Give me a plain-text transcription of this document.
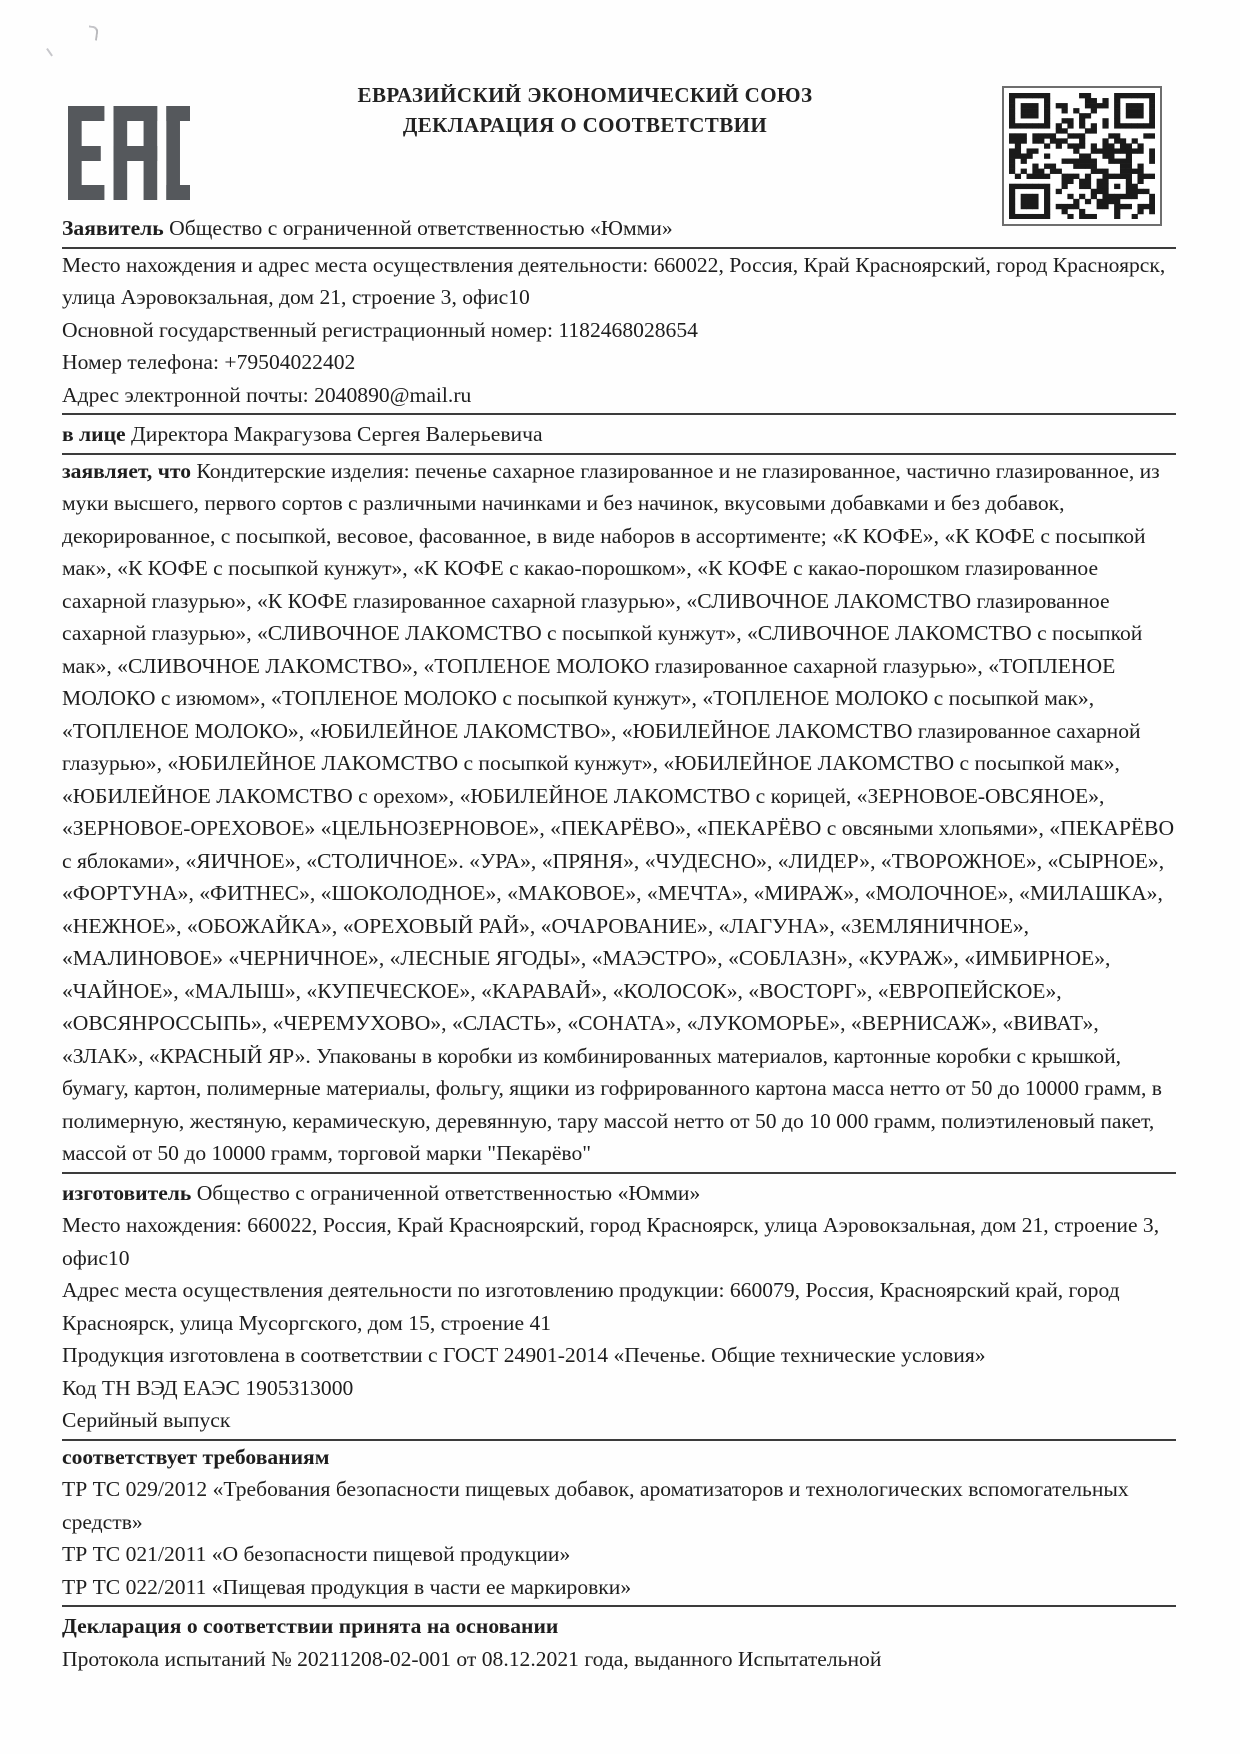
ЕВРАЗИЙСКИЙ ЭКОНОМИЧЕСКИЙ СОЮЗ
ДЕКЛАРАЦИЯ О СООТВЕТСТВИИ

Заявитель Общество с ограниченной ответственностью «Юмми»

Место нахождения и адрес места осуществления деятельности: 660022, Россия, Край Красноярский, город Красноярск, улица Аэровокзальная, дом 21, строение 3, офис10

Основной государственный регистрационный номер: 1182468028654

Номер телефона: +79504022402

Адрес электронной почты: 2040890@mail.ru

в лице Директора Макрагузова Сергея Валерьевича

заявляет, что Кондитерские изделия: печенье сахарное глазированное и не глазированное, частично глазированное, из муки высшего, первого сортов с различными начинками и без начинок, вкусовыми добавками и без добавок, декорированное, с посыпкой, весовое, фасованное, в виде наборов в ассортименте; «К КОФЕ», «К КОФЕ с посыпкой мак», «К КОФЕ с посыпкой кунжут», «К КОФЕ с какао-порошком», «К КОФЕ с какао-порошком глазированное сахарной глазурью», «К КОФЕ глазированное сахарной глазурью», «СЛИВОЧНОЕ ЛАКОМСТВО глазированное сахарной глазурью», «СЛИВОЧНОЕ ЛАКОМСТВО с посыпкой кунжут», «СЛИВОЧНОЕ ЛАКОМСТВО с посыпкой мак», «СЛИВОЧНОЕ ЛАКОМСТВО», «ТОПЛЕНОЕ МОЛОКО глазированное сахарной глазурью», «ТОПЛЕНОЕ МОЛОКО с изюмом», «ТОПЛЕНОЕ МОЛОКО с посыпкой кунжут», «ТОПЛЕНОЕ МОЛОКО с посыпкой мак», «ТОПЛЕНОЕ МОЛОКО», «ЮБИЛЕЙНОЕ ЛАКОМСТВО», «ЮБИЛЕЙНОЕ ЛАКОМСТВО глазированное сахарной глазурью», «ЮБИЛЕЙНОЕ ЛАКОМСТВО с посыпкой кунжут», «ЮБИЛЕЙНОЕ ЛАКОМСТВО с посыпкой мак», «ЮБИЛЕЙНОЕ ЛАКОМСТВО с орехом», «ЮБИЛЕЙНОЕ ЛАКОМСТВО с корицей, «ЗЕРНОВОЕ-ОВСЯНОЕ», «ЗЕРНОВОЕ-ОРЕХОВОЕ» «ЦЕЛЬНОЗЕРНОВОЕ», «ПЕКАРЁВО», «ПЕКАРЁВО с овсяными хлопьями», «ПЕКАРЁВО с яблоками», «ЯИЧНОЕ», «СТОЛИЧНОЕ». «УРА», «ПРЯНЯ», «ЧУДЕСНО», «ЛИДЕР», «ТВОРОЖНОЕ», «СЫРНОЕ», «ФОРТУНА», «ФИТНЕС», «ШОКОЛОДНОЕ», «МАКОВОЕ», «МЕЧТА», «МИРАЖ», «МОЛОЧНОЕ», «МИЛАШКА», «НЕЖНОЕ», «ОБОЖАЙКА», «ОРЕХОВЫЙ РАЙ», «ОЧАРОВАНИЕ», «ЛАГУНА», «ЗЕМЛЯНИЧНОЕ», «МАЛИНОВОЕ» «ЧЕРНИЧНОЕ», «ЛЕСНЫЕ ЯГОДЫ», «МАЭСТРО», «СОБЛАЗН», «КУРАЖ», «ИМБИРНОЕ», «ЧАЙНОЕ», «МАЛЫШ», «КУПЕЧЕСКОЕ», «КАРАВАЙ», «КОЛОСОК», «ВОСТОРГ», «ЕВРОПЕЙСКОЕ», «ОВСЯНРОССЫПЬ», «ЧЕРЕМУХОВО», «СЛАСТЬ», «СОНАТА», «ЛУКОМОРЬЕ», «ВЕРНИСАЖ», «ВИВАТ», «ЗЛАК», «КРАСНЫЙ ЯР». Упакованы в коробки из комбинированных материалов, картонные коробки с крышкой, бумагу, картон, полимерные материалы, фольгу, ящики из гофрированного картона масса нетто от 50 до 10000 грамм, в полимерную, жестяную, керамическую, деревянную, тару массой нетто от 50 до 10 000 грамм, полиэтиленовый пакет, массой от 50 до 10000 грамм, торговой марки "Пекарёво"

изготовитель Общество с ограниченной ответственностью «Юмми»

Место нахождения: 660022, Россия, Край Красноярский, город Красноярск, улица Аэровокзальная, дом 21, строение 3, офис10

Адрес места осуществления деятельности по изготовлению продукции: 660079, Россия, Красноярский край, город Красноярск, улица Мусоргского, дом 15, строение 41

Продукция изготовлена в соответствии с ГОСТ 24901-2014 «Печенье. Общие технические условия»

Код ТН ВЭД ЕАЭС 1905313000

Серийный выпуск

соответствует требованиям

ТР ТС 029/2012 «Требования безопасности пищевых добавок, ароматизаторов и технологических вспомогательных средств»

ТР ТС 021/2011 «О безопасности пищевой продукции»

ТР ТС 022/2011 «Пищевая продукция в части ее маркировки»

Декларация о соответствии принята на основании

Протокола испытаний № 20211208-02-001 от 08.12.2021 года, выданного Испытательной
